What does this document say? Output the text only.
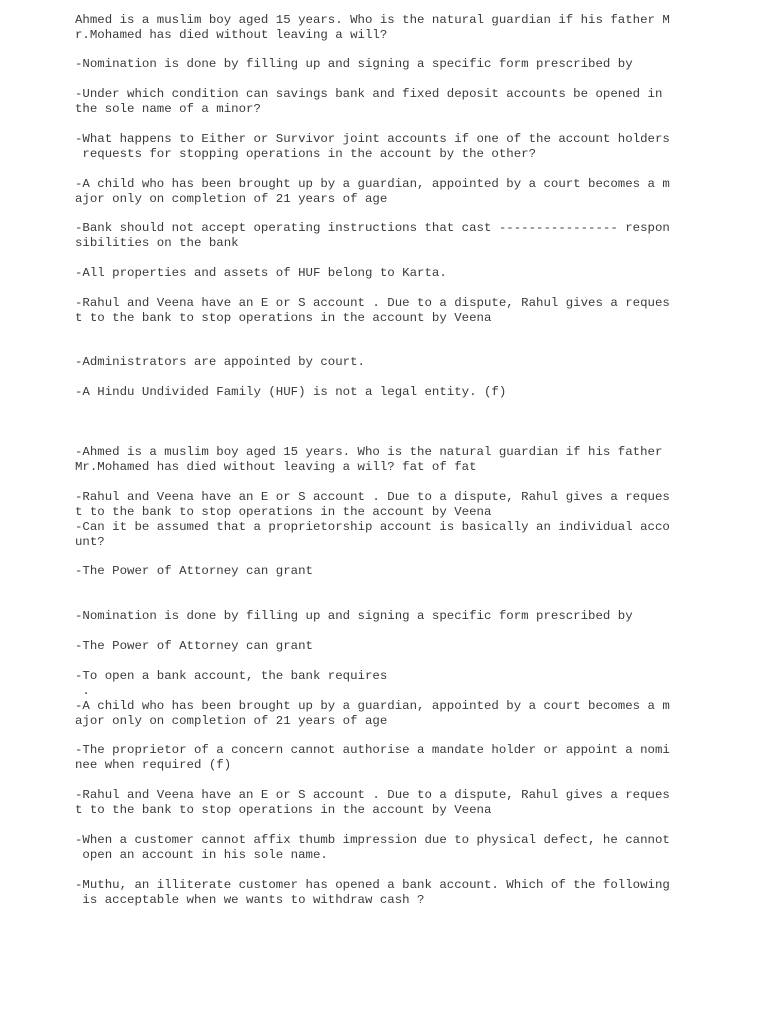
Ahmed is a muslim boy aged 15 years. Who is the natural guardian if his father M

r.Mohamed has died without leaving a will?

-Nomination is done by filling up and signing a specific form prescribed by

-Under which condition can savings bank and fixed deposit accounts be opened in

the sole name of a minor?

-What happens to Either or Survivor joint accounts if one of the account holders

requests for stopping operations in the account by the other?

-A child who has been brought up by a guardian, appointed by a court becomes a m

ajor only on completion of 21 years of age

-Bank should not accept operating instructions that cast ---------------- respon

sibilities on the bank

-All properties and assets of HUF belong to Karta.

-Rahul and Veena have an E or S account . Due to a dispute, Rahul gives a reques

t to the bank to stop operations in the account by Veena

-Administrators are appointed by court.

-A Hindu Undivided Family (HUF) is not a legal entity. (f)

-Ahmed is a muslim boy aged 15 years. Who is the natural guardian if his father

Mr.Mohamed has died without leaving a will? fat of fat

-Rahul and Veena have an E or S account . Due to a dispute, Rahul gives a reques

t to the bank to stop operations in the account by Veena

-Can it be assumed that a proprietorship account is basically an individual acco

unt?

-The Power of Attorney can grant

-Nomination is done by filling up and signing a specific form prescribed by

-The Power of Attorney can grant

-To open a bank account, the bank requires

.

-A child who has been brought up by a guardian, appointed by a court becomes a m

ajor only on completion of 21 years of age

-The proprietor of a concern cannot authorise a mandate holder or appoint a nomi

nee when required (f)

-Rahul and Veena have an E or S account . Due to a dispute, Rahul gives a reques

t to the bank to stop operations in the account by Veena

-When a customer cannot affix thumb impression due to physical defect, he cannot

open an account in his sole name.

-Muthu, an illiterate customer has opened a bank account. Which of the following

is acceptable when we wants to withdraw cash ?
